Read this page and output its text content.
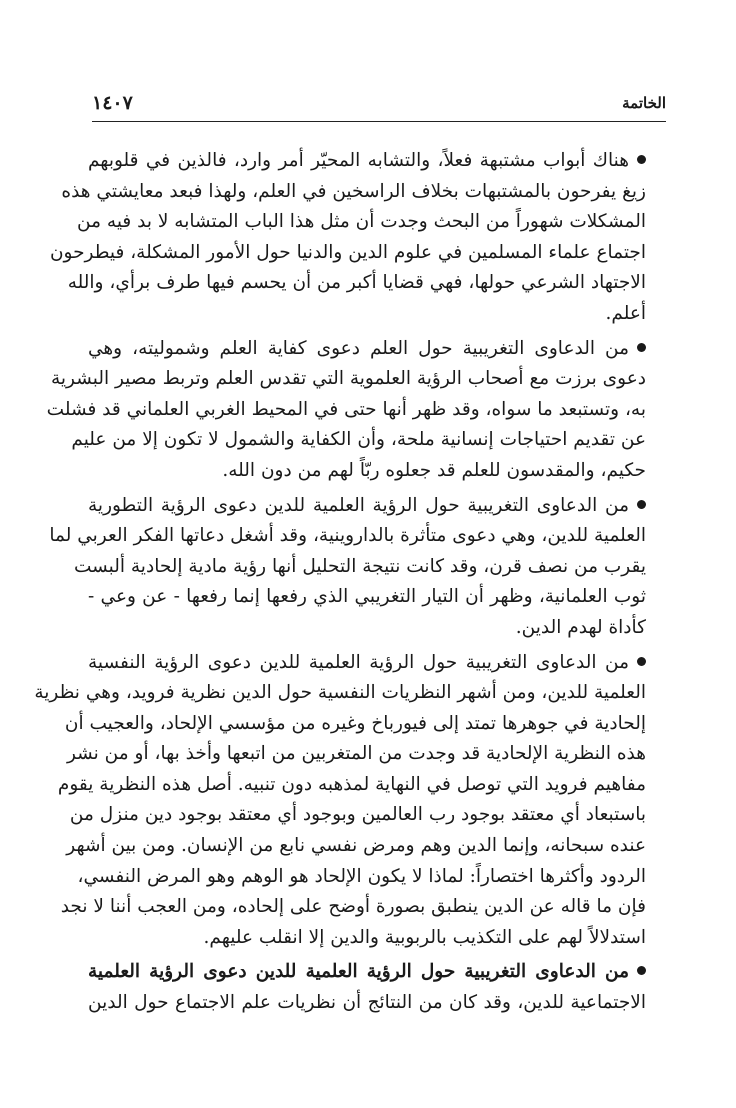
الخاتمة
١٤٠٧
هناك أبواب مشتبهة فعلاً، والتشابه المحيّر أمر وارد، فالذين في قلوبهم
زيغ يفرحون بالمشتبهات بخلاف الراسخين في العلم، ولهذا فبعد معايشتي هذه
المشكلات شهوراً من البحث وجدت أن مثل هذا الباب المتشابه لا بد فيه من
اجتماع علماء المسلمين في علوم الدين والدنيا حول الأمور المشكلة، فيطرحون
الاجتهاد الشرعي حولها، فهي قضايا أكبر من أن يحسم فيها طرف برأي، والله
أعلم.
من الدعاوى التغريبية حول العلم دعوى كفاية العلم وشموليته، وهي
دعوى برزت مع أصحاب الرؤية العلموية التي تقدس العلم وتربط مصير البشرية
به، وتستبعد ما سواه، وقد ظهر أنها حتى في المحيط الغربي العلماني قد فشلت
عن تقديم احتياجات إنسانية ملحة، وأن الكفاية والشمول لا تكون إلا من عليم
حكيم، والمقدسون للعلم قد جعلوه ربّاً لهم من دون الله.
من الدعاوى التغريبية حول الرؤية العلمية للدين دعوى الرؤية التطورية
العلمية للدين، وهي دعوى متأثرة بالداروينية، وقد أشغل دعاتها الفكر العربي لما
يقرب من نصف قرن، وقد كانت نتيجة التحليل أنها رؤية مادية إلحادية ألبست
ثوب العلمانية، وظهر أن التيار التغريبي الذي رفعها إنما رفعها - عن وعي -
كأداة لهدم الدين.
من الدعاوى التغريبية حول الرؤية العلمية للدين دعوى الرؤية النفسية
العلمية للدين، ومن أشهر النظريات النفسية حول الدين نظرية فرويد، وهي نظرية
إلحادية في جوهرها تمتد إلى فيورباخ وغيره من مؤسسي الإلحاد، والعجيب أن
هذه النظرية الإلحادية قد وجدت من المتغربين من اتبعها وأخذ بها، أو من نشر
مفاهيم فرويد التي توصل في النهاية لمذهبه دون تنبيه. أصل هذه النظرية يقوم
باستبعاد أي معتقد بوجود رب العالمين وبوجود أي معتقد بوجود دين منزل من
عنده سبحانه، وإنما الدين وهم ومرض نفسي نابع من الإنسان. ومن بين أشهر
الردود وأكثرها اختصاراً: لماذا لا يكون الإلحاد هو الوهم وهو المرض النفسي،
فإن ما قاله عن الدين ينطبق بصورة أوضح على إلحاده، ومن العجب أننا لا نجد
استدلالاً لهم على التكذيب بالربوبية والدين إلا انقلب عليهم.
من الدعاوى التغريبية حول الرؤية العلمية للدين دعوى الرؤية العلمية
الاجتماعية للدين، وقد كان من النتائج أن نظريات علم الاجتماع حول الدين
